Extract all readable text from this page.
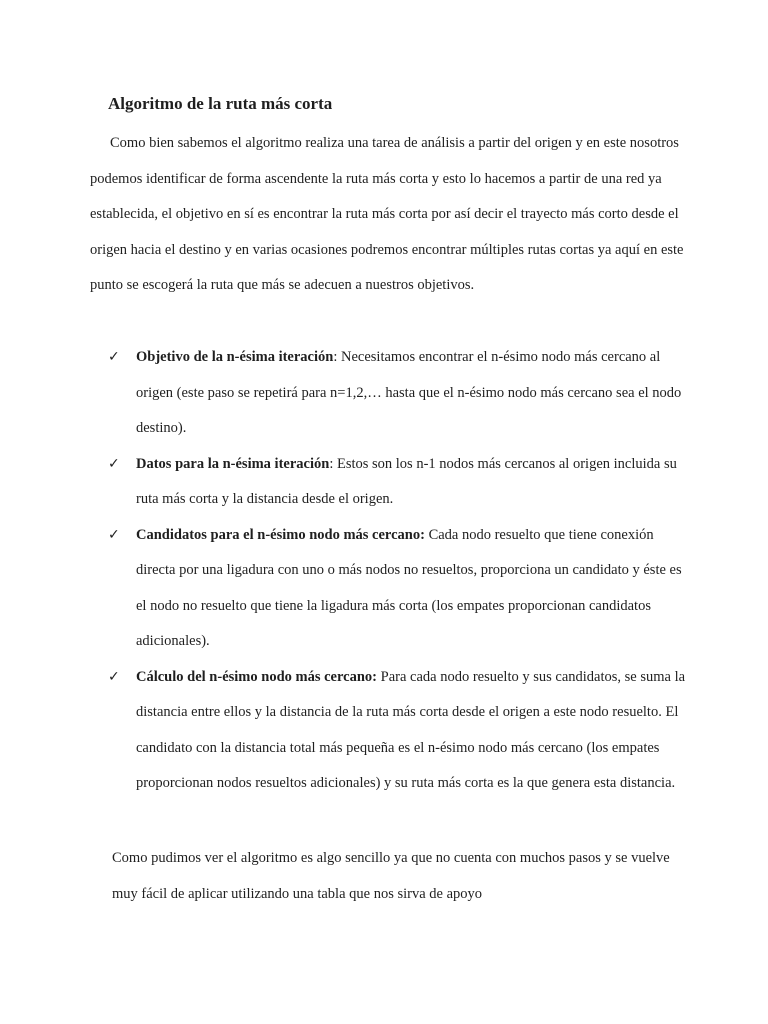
Algoritmo de la ruta más corta

Como bien sabemos el algoritmo realiza una tarea de análisis a partir del origen y en este nosotros podemos identificar de forma ascendente la ruta más corta y esto lo hacemos a partir de una red ya establecida, el objetivo en sí es encontrar la ruta más corta por así decir el trayecto más corto desde el origen hacia el destino y en varias ocasiones podremos encontrar múltiples rutas cortas ya aquí en este punto se escogerá la ruta que más se adecuen a nuestros objetivos.

✓ Objetivo de la n-ésima iteración: Necesitamos encontrar el n-ésimo nodo más cercano al origen (este paso se repetirá para n=1,2,… hasta que el n-ésimo nodo más cercano sea el nodo destino).
✓ Datos para la n-ésima iteración: Estos son los n-1 nodos más cercanos al origen incluida su ruta más corta y la distancia desde el origen.
✓ Candidatos para el n-ésimo nodo más cercano: Cada nodo resuelto que tiene conexión directa por una ligadura con uno o más nodos no resueltos, proporciona un candidato y éste es el nodo no resuelto que tiene la ligadura más corta (los empates proporcionan candidatos adicionales).
✓ Cálculo del n-ésimo nodo más cercano: Para cada nodo resuelto y sus candidatos, se suma la distancia entre ellos y la distancia de la ruta más corta desde el origen a este nodo resuelto. El candidato con la distancia total más pequeña es el n-ésimo nodo más cercano (los empates proporcionan nodos resueltos adicionales) y su ruta más corta es la que genera esta distancia.

Como pudimos ver el algoritmo es algo sencillo ya que no cuenta con muchos pasos y se vuelve muy fácil de aplicar utilizando una tabla que nos sirva de apoyo
